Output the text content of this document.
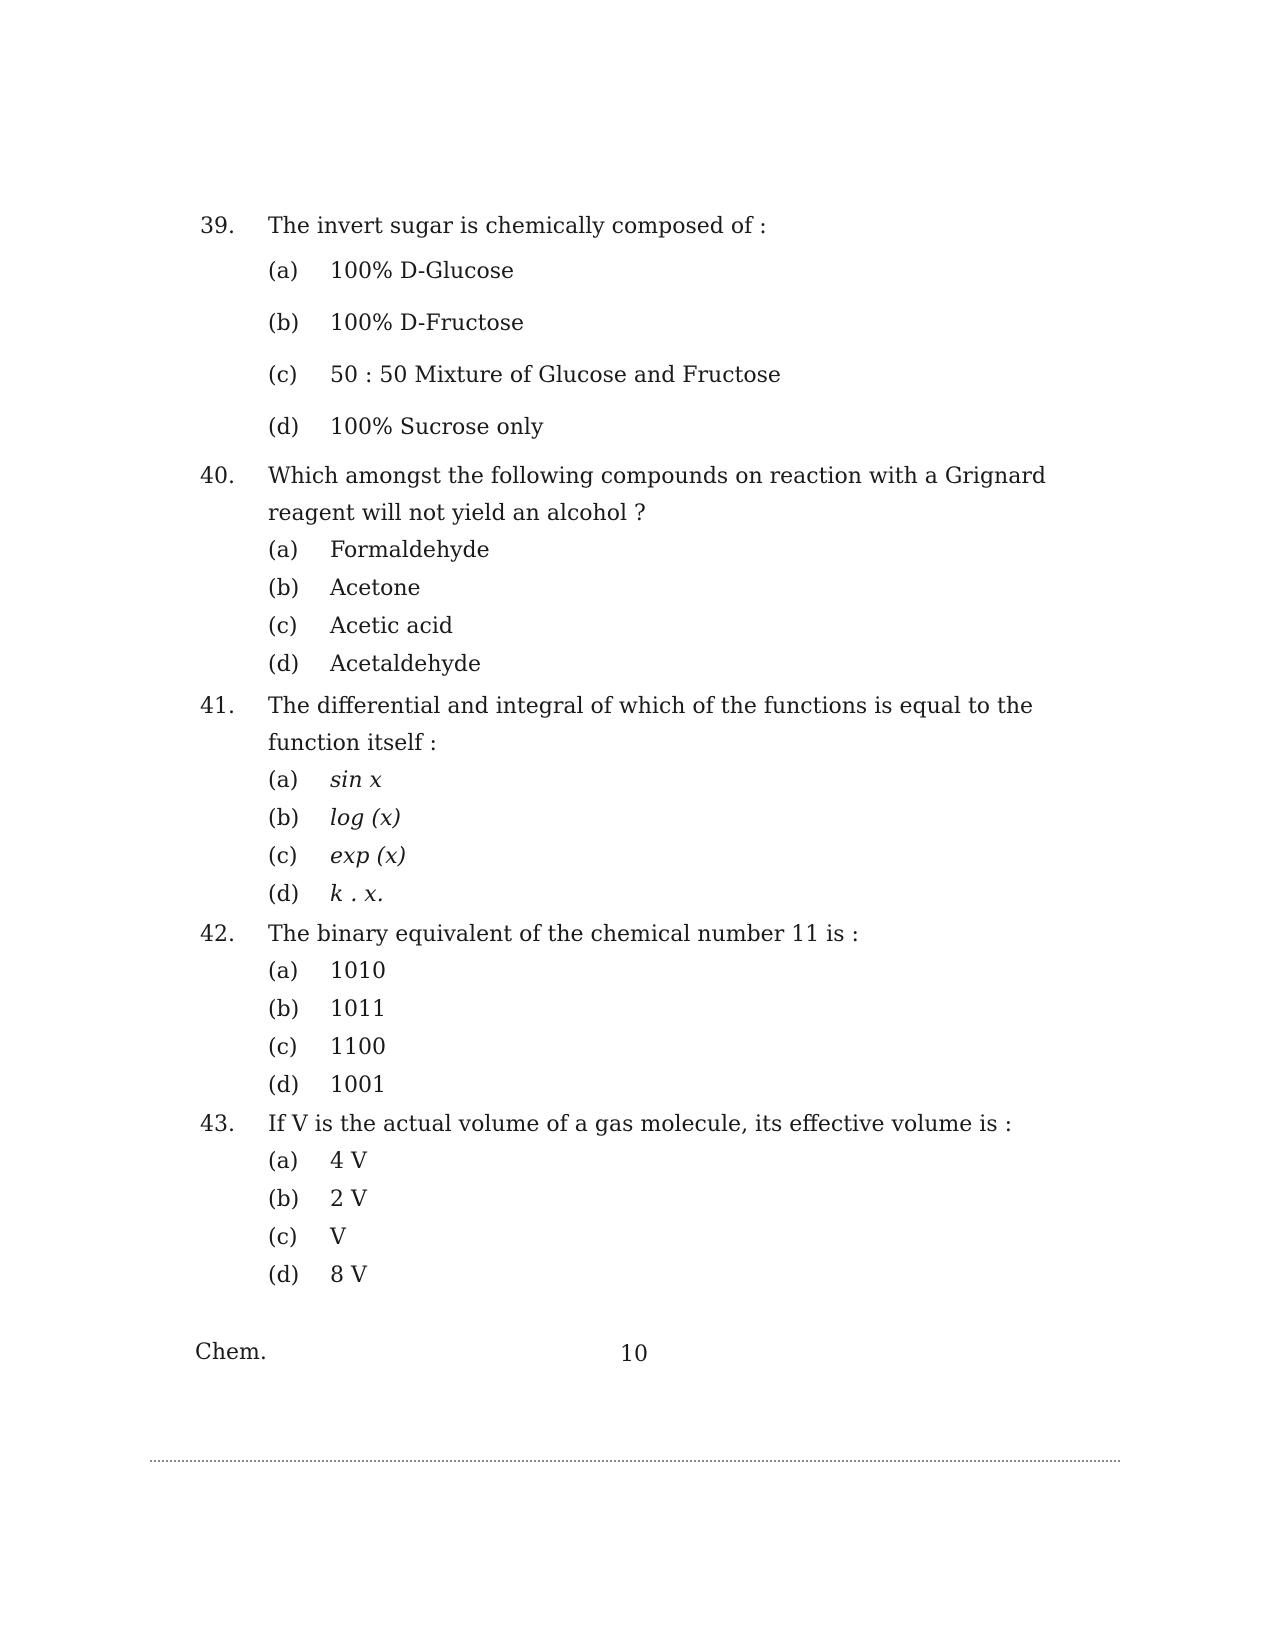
39.	The invert sugar is chemically composed of :
(a)	100% D-Glucose
(b)	100% D-Fructose
(c)	50 : 50 Mixture of Glucose and Fructose
(d)	100% Sucrose only
40.	Which amongst the following compounds on reaction with a Grignard reagent will not yield an alcohol ?
(a)	Formaldehyde
(b)	Acetone
(c)	Acetic acid
(d)	Acetaldehyde
41.	The differential and integral of which of the functions is equal to the function itself :
(a)	sin x
(b)	log (x)
(c)	exp (x)
(d)	k . x.
42.	The binary equivalent of the chemical number 11 is :
(a)	1010
(b)	1011
(c)	1100
(d)	1001
43.	If V is the actual volume of a gas molecule, its effective volume is :
(a)	4 V
(b)	2 V
(c)	V
(d)	8 V
Chem.	10
